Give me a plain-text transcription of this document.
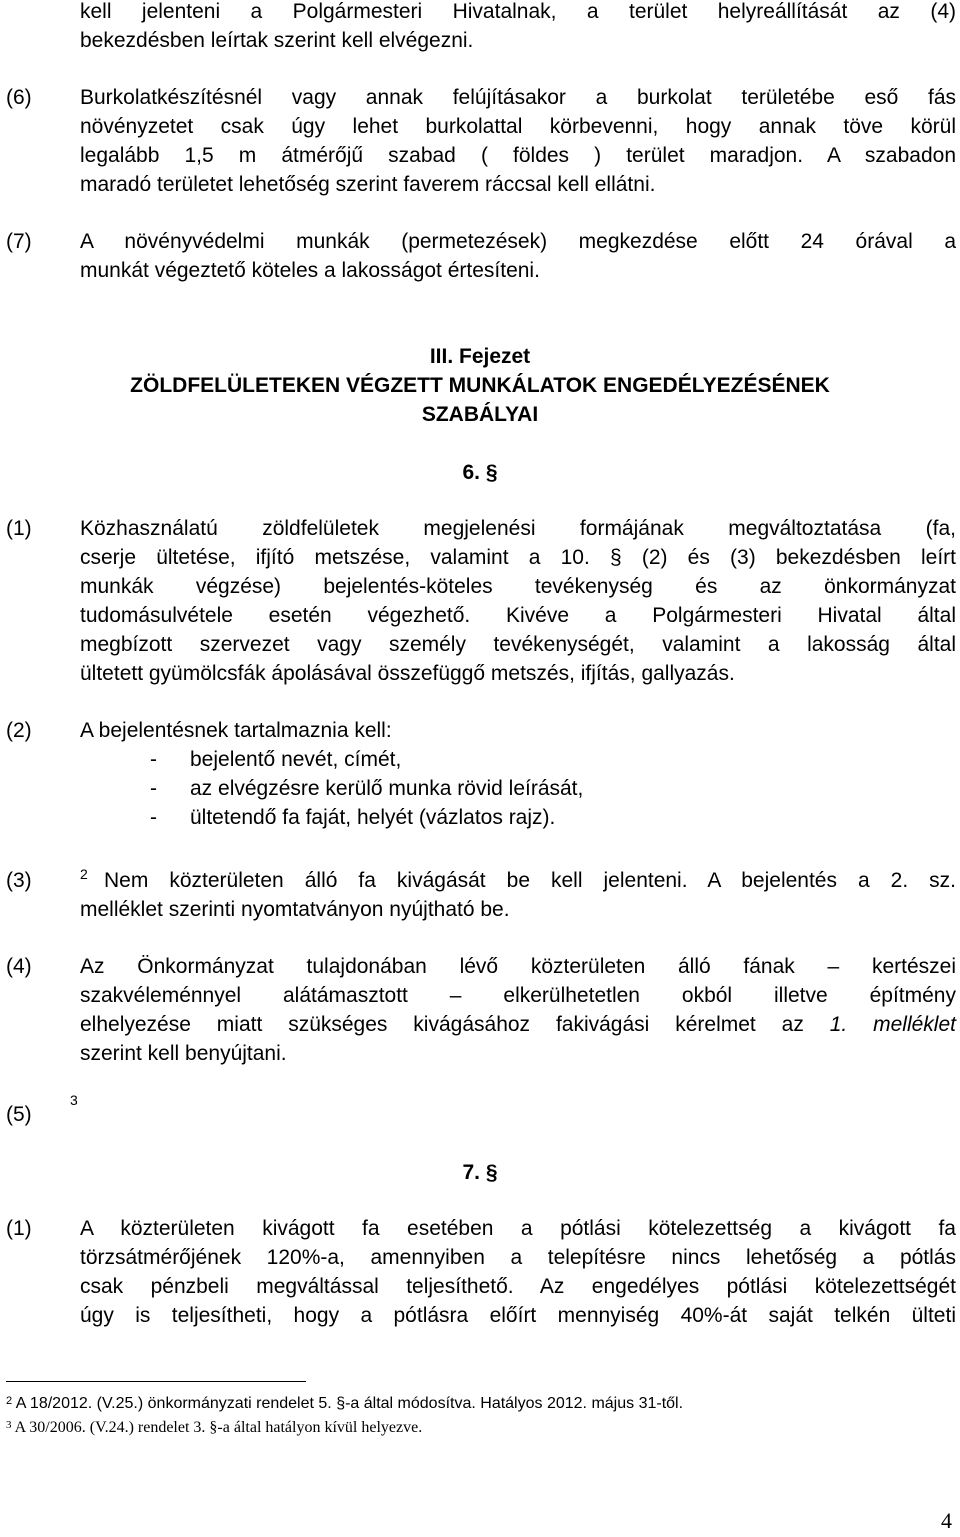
kell jelenteni a Polgármesteri Hivatalnak, a terület helyreállítását az (4)
bekezdésben leírtak szerint kell elvégezni.
(6) Burkolatkészítésnél vagy annak felújításakor a burkolat területébe eső fás
növényzetet csak úgy lehet burkolattal körbevenni, hogy annak töve körül
legalább 1,5 m átmérőjű szabad ( földes ) terület maradjon. A szabadon
maradó területet lehetőség szerint faverem ráccsal kell ellátni.
(7) A növényvédelmi munkák (permetezések) megkezdése előtt 24 órával a
munkát végeztető köteles a lakosságot értesíteni.
III. Fejezet
ZÖLDFELÜLETEKEN VÉGZETT MUNKÁLATOK ENGEDÉLYEZÉSÉNEK
SZABÁLYAI
6. §
(1) Közhasználatú zöldfelületek megjelenési formájának megváltoztatása (fa,
cserje ültetése, ifjító metszése, valamint a 10. § (2) és (3) bekezdésben leírt
munkák végzése) bejelentés-köteles tevékenység és az önkormányzat
tudomásulvétele esetén végezhető. Kivéve a Polgármesteri Hivatal által
megbízott szervezet vagy személy tevékenységét, valamint a lakosság által
ültetett gyümölcsfák ápolásával összefüggő metszés, ifjítás, gallyazás.
(2) A bejelentésnek tartalmaznia kell:
- bejelentő nevét, címét,
- az elvégzésre kerülő munka rövid leírását,
- ültetendő fa faját, helyét (vázlatos rajz).
(3)	2 Nem közterületen álló fa kivágását be kell jelenteni. A bejelentés a 2. sz.
melléklet szerinti nyomtatványon nyújtható be.
(4) Az Önkormányzat tulajdonában lévő közterületen álló fának – kertészei
szakvéleménnyel alátámasztott – elkerülhetetlen okból illetve építmény
elhelyezése miatt szükséges kivágásához fakivágási kérelmet az 1. melléklet
szerint kell benyújtani.
(5)
3
7. §
(1) A közterületen kivágott fa esetében a pótlási kötelezettség a kivágott fa
törzsátmérőjének 120%-a, amennyiben a telepítésre nincs lehetőség a pótlás
csak pénzbeli megváltással teljesíthető. Az engedélyes pótlási kötelezettségét
úgy is teljesítheti, hogy a pótlásra előírt mennyiség 40%-át saját telkén ülteti
$^2$ A 18/2012. (V.25.) önkormányzati rendelet 5. §-a által módosítva. Hatályos 2012. május 31-től.
$^3$ A 30/2006. (V.24.) rendelet 3. §-a által hatályon kívül helyezve.
4
